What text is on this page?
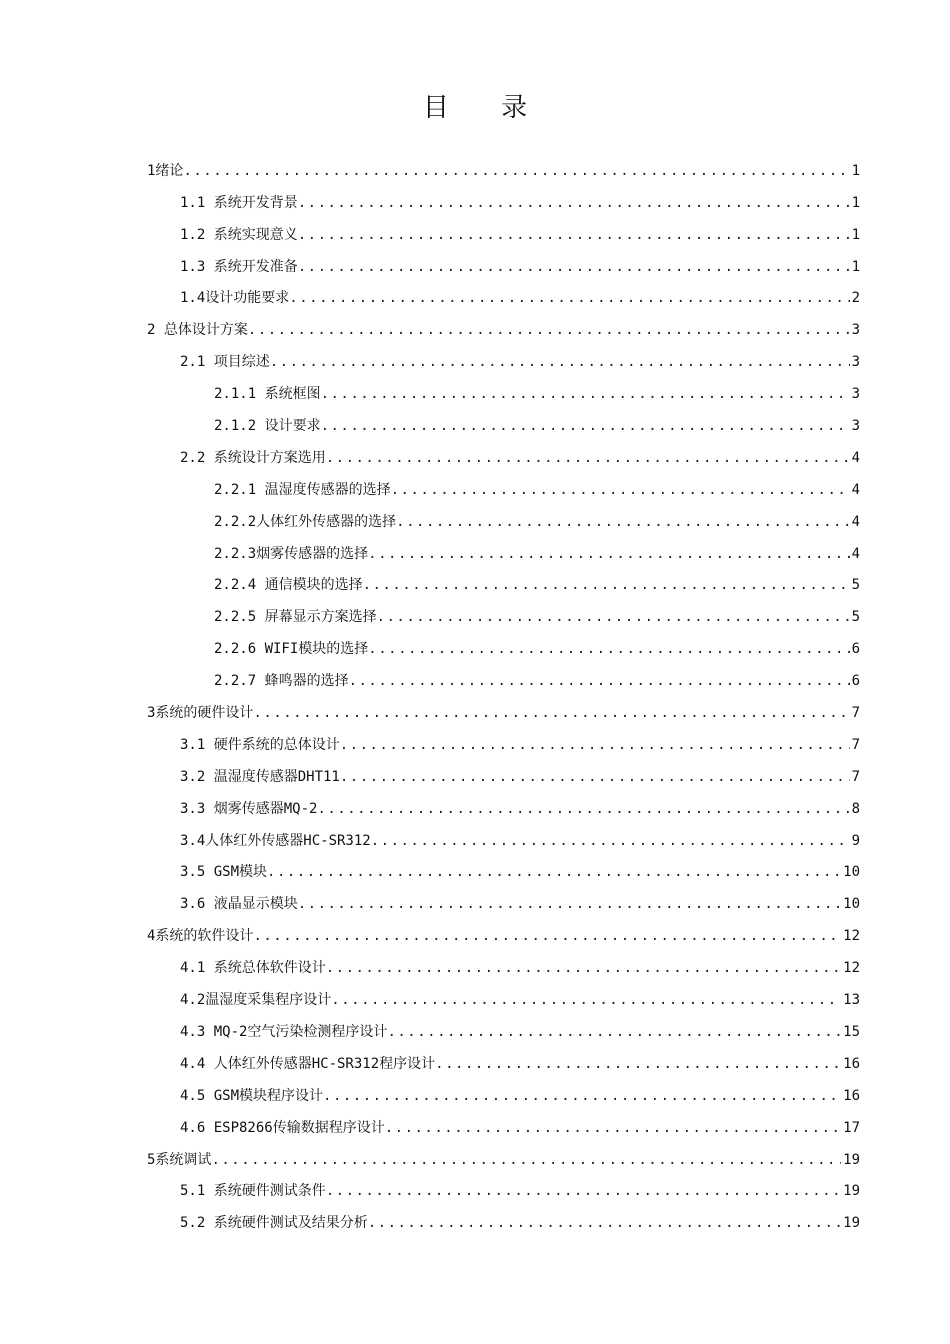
目 录
1绪论 .....	1
1.1 系统开发背景 .....	1
1.2 系统实现意义 .....	1
1.3 系统开发准备 .....	1
1.4设计功能要求 .....	2
2 总体设计方案 .....	3
2.1 项目综述 .....	3
2.1.1 系统框图 .....	3
2.1.2 设计要求 .....	3
2.2 系统设计方案选用 .....	4
2.2.1 温湿度传感器的选择 .....	4
2.2.2人体红外传感器的选择 .....	4
2.2.3烟雾传感器的选择 .....	4
2.2.4 通信模块的选择 .....	5
2.2.5 屏幕显示方案选择 .....	5
2.2.6 WIFI模块的选择 .....	6
2.2.7 蜂鸣器的选择 .....	6
3系统的硬件设计 .....	7
3.1 硬件系统的总体设计 .....	7
3.2 温湿度传感器DHT11 .....	7
3.3 烟雾传感器MQ-2 .....	8
3.4人体红外传感器HC-SR312 .....	9
3.5 GSM模块 .....	10
3.6 液晶显示模块 .....	10
4系统的软件设计 .....	12
4.1 系统总体软件设计 .....	12
4.2温湿度采集程序设计 .....	13
4.3 MQ-2空气污染检测程序设计 .....	15
4.4 人体红外传感器HC-SR312程序设计 .....	16
4.5 GSM模块程序设计 .....	16
4.6 ESP8266传输数据程序设计 .....	17
5系统调试 .....	19
5.1 系统硬件测试条件 .....	19
5.2 系统硬件测试及结果分析 .....	19
